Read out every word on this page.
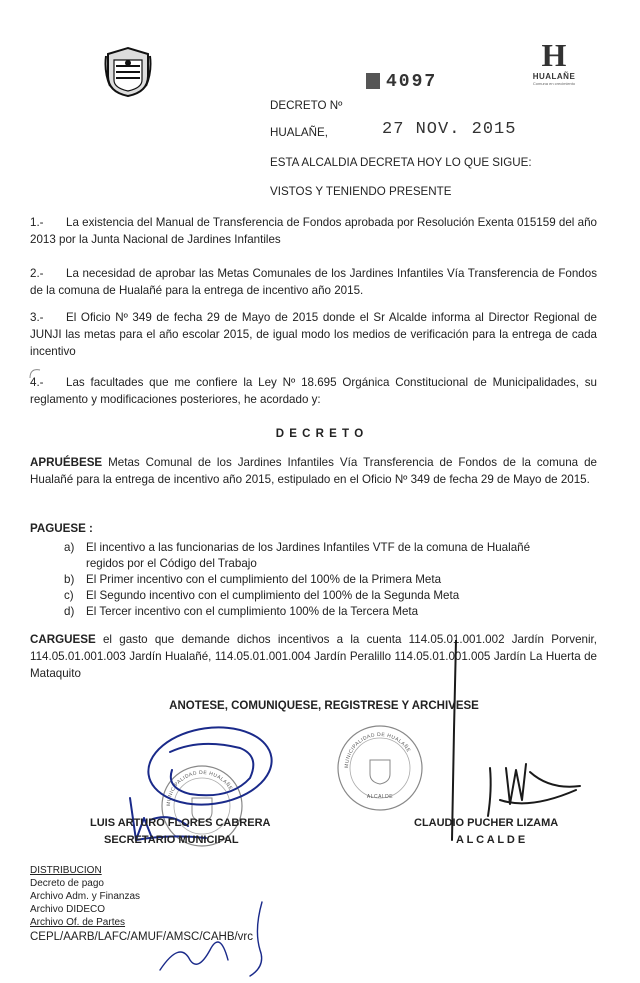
H
HUALAÑE
Comuna en crecimiento
4097
DECRETO Nº
HUALAÑE,	27 NOV. 2015
ESTA ALCALDIA DECRETA HOY LO QUE SIGUE:
VISTOS Y TENIENDO PRESENTE
1.- La existencia del Manual de Transferencia de Fondos aprobada por Resolución Exenta 015159 del año 2013 por la Junta Nacional de Jardines Infantiles
2.- La necesidad de aprobar las Metas Comunales de los Jardines Infantiles Vía Transferencia de Fondos de la comuna de Hualañé para la entrega de incentivo año 2015.
3.- El Oficio Nº 349 de fecha 29 de Mayo de 2015 donde el Sr Alcalde informa al Director Regional de JUNJI las metas para el año escolar 2015, de igual modo los medios de verificación para la entrega de cada incentivo
4.- Las facultades que me confiere la Ley Nº 18.695 Orgánica Constitucional de Municipalidades, su reglamento y modificaciones posteriores, he acordado y:
D E C R E T O
APRUÉBESE Metas Comunal de los Jardines Infantiles Vía Transferencia de Fondos de la comuna de Hualañé para la entrega de incentivo año 2015, estipulado en el Oficio Nº 349 de fecha 29 de Mayo de 2015.
PAGUESE :
a) El incentivo a las funcionarias de los Jardines Infantiles VTF de la comuna de Hualañé
regidos por el Código del Trabajo
b) El Primer incentivo con el cumplimiento del 100% de la Primera Meta
c) El Segundo incentivo con el cumplimiento del 100% de la Segunda Meta
d) El Tercer incentivo con el cumplimiento 100% de la Tercera Meta
CARGUESE el gasto que demande dichos incentivos a la cuenta 114.05.01.001.002 Jardín Porvenir, 114.05.01.001.003 Jardín Hualañé, 114.05.01.001.004 Jardín Peralillo 114.05.01.001.005 Jardín La Huerta de Mataquito
ANOTESE, COMUNIQUESE, REGISTRESE Y ARCHIVESE
MUNICIPALIDAD DE HUALAÑE
ALCALDE
MUNICIPALIDAD DE HUALAÑE
LUIS ARTURO FLORES CABRERA
SECRETARIO MUNICIPAL
CLAUDIO PUCHER LIZAMA
A L C A L D E
DISTRIBUCION
Decreto de pago
Archivo Adm. y Finanzas
Archivo DIDECO
Archivo Of. de Partes
CEPL/AARB/LAFC/AMUF/AMSC/CAHB/vrc
